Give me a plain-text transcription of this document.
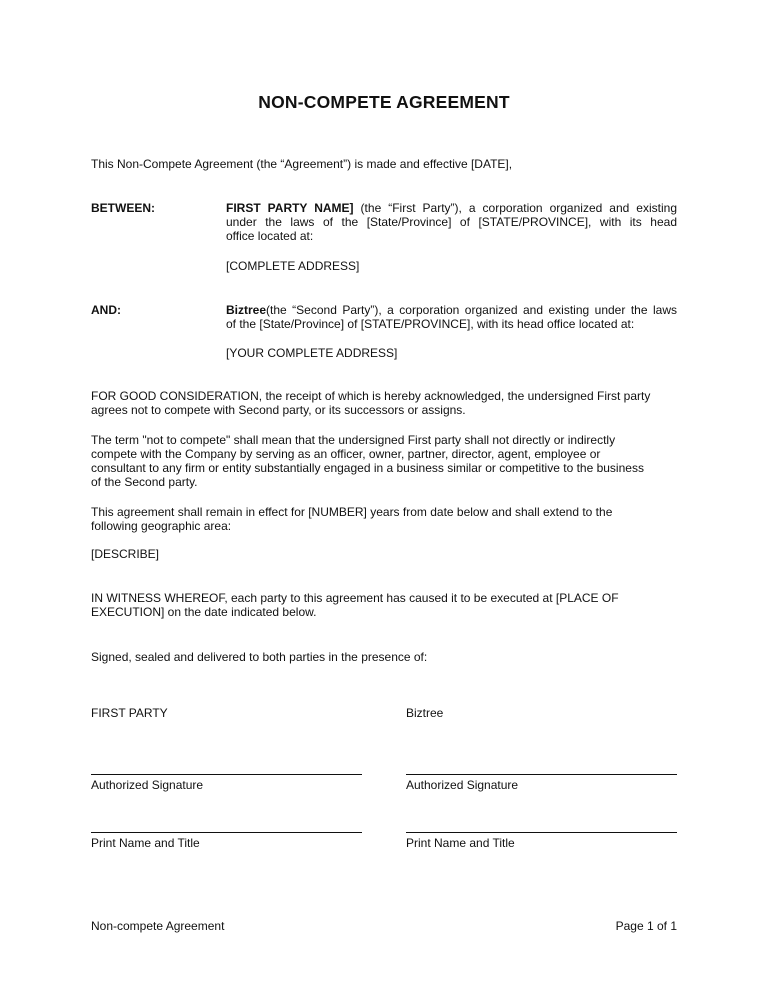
NON-COMPETE AGREEMENT
This Non-Compete Agreement (the “Agreement”) is made and effective [DATE],
BETWEEN:	FIRST PARTY NAME] (the “First Party”), a corporation organized and existing
under the laws of the [State/Province] of [STATE/PROVINCE], with its head
office located at:
[COMPLETE ADDRESS]
AND:	Biztree(the “Second Party”), a corporation organized and existing under the laws
of the [State/Province] of [STATE/PROVINCE], with its head office located at:
[YOUR COMPLETE ADDRESS]
FOR GOOD CONSIDERATION, the receipt of which is hereby acknowledged, the undersigned First party
agrees not to compete with Second party, or its successors or assigns.
The term "not to compete" shall mean that the undersigned First party shall not directly or indirectly
compete with the Company by serving as an officer, owner, partner, director, agent, employee or
consultant to any firm or entity substantially engaged in a business similar or competitive to the business
of the Second party.
This agreement shall remain in effect for [NUMBER] years from date below and shall extend to the
following geographic area:
[DESCRIBE]
IN WITNESS WHEREOF, each party to this agreement has caused it to be executed at [PLACE OF
EXECUTION] on the date indicated below.
Signed, sealed and delivered to both parties in the presence of:
FIRST PARTY	Biztree
Authorized Signature	Authorized Signature
Print Name and Title	Print Name and Title
Non-compete Agreement	Page 1 of 1
